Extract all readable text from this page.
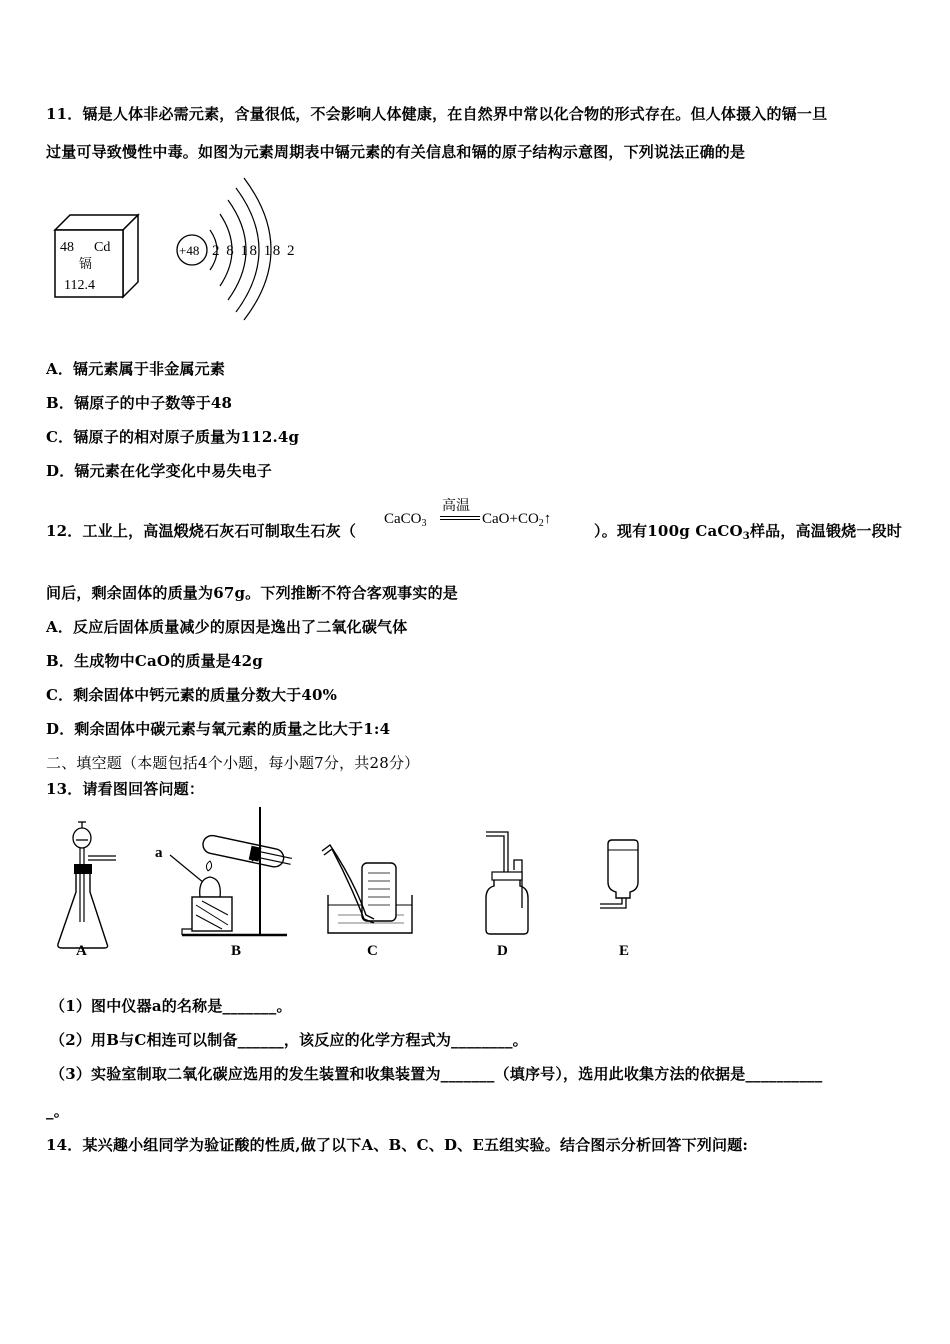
11．镉是人体非必需元素，含量很低，不会影响人体健康，在自然界中常以化合物的形式存在。但人体摄入的镉一旦
过量可导致慢性中毒。如图为元素周期表中镉元素的有关信息和镉的原子结构示意图，下列说法正确的是
48 Cd
镉
112.4
+48 2 8 18 18 2
A．镉元素属于非金属元素
B．镉原子的中子数等于48
C．镉原子的相对原子质量为112.4g
D．镉元素在化学变化中易失电子
12．工业上，高温煅烧石灰石可制取生石灰（
CaCO$_3$
高温
$CaO+CO_2↑$
）。现有100g CaCO$_3$样品，高温锻烧一段时
间后，剩余固体的质量为67g。下列推断不符合客观事实的是
A．反应后固体质量减少的原因是逸出了二氧化碳气体
B．生成物中CaO的质量是42g
C．剩余固体中钙元素的质量分数大于40%
D．剩余固体中碳元素与氧元素的质量之比大于1:4
二、填空题（本题包括4个小题，每小题7分，共28分）
13．请看图回答问题：
A
a
B	C	D	E
（1）图中仪器a的名称是_______。
（2）用B与C相连可以制备______，该反应的化学方程式为________。
（3）实验室制取二氧化碳应选用的发生装置和收集装置为_______（填序号），选用此收集方法的依据是__________
_。
14．某兴趣小组同学为验证酸的性质,做了以下A、B、C、D、E五组实验。结合图示分析回答下列问题:
